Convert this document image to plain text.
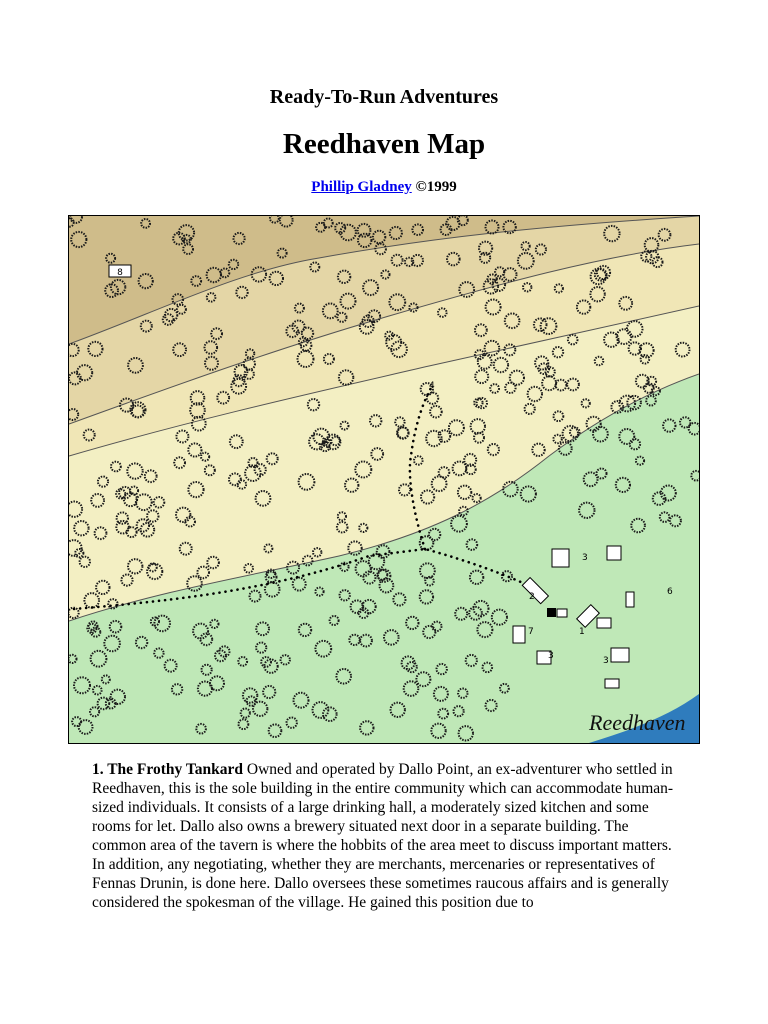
Ready-To-Run Adventures
Reedhaven Map
Phillip Gladney ©1999
8
3
2
1
7
3	3
6
4
Reedhaven
1. The Frothy Tankard Owned and operated by Dallo Point, an ex-adventurer who settled in Reedhaven, this is the sole building in the entire community which can accommodate human-sized individuals. It consists of a large drinking hall, a moderately sized kitchen and some rooms for let. Dallo also owns a brewery situated next door in a separate building. The common area of the tavern is where the hobbits of the area meet to discuss important matters. In addition, any negotiating, whether they are merchants, mercenaries or representatives of Fennas Drunin, is done here. Dallo oversees these sometimes raucous affairs and is generally considered the spokesman of the village. He gained this position due to
